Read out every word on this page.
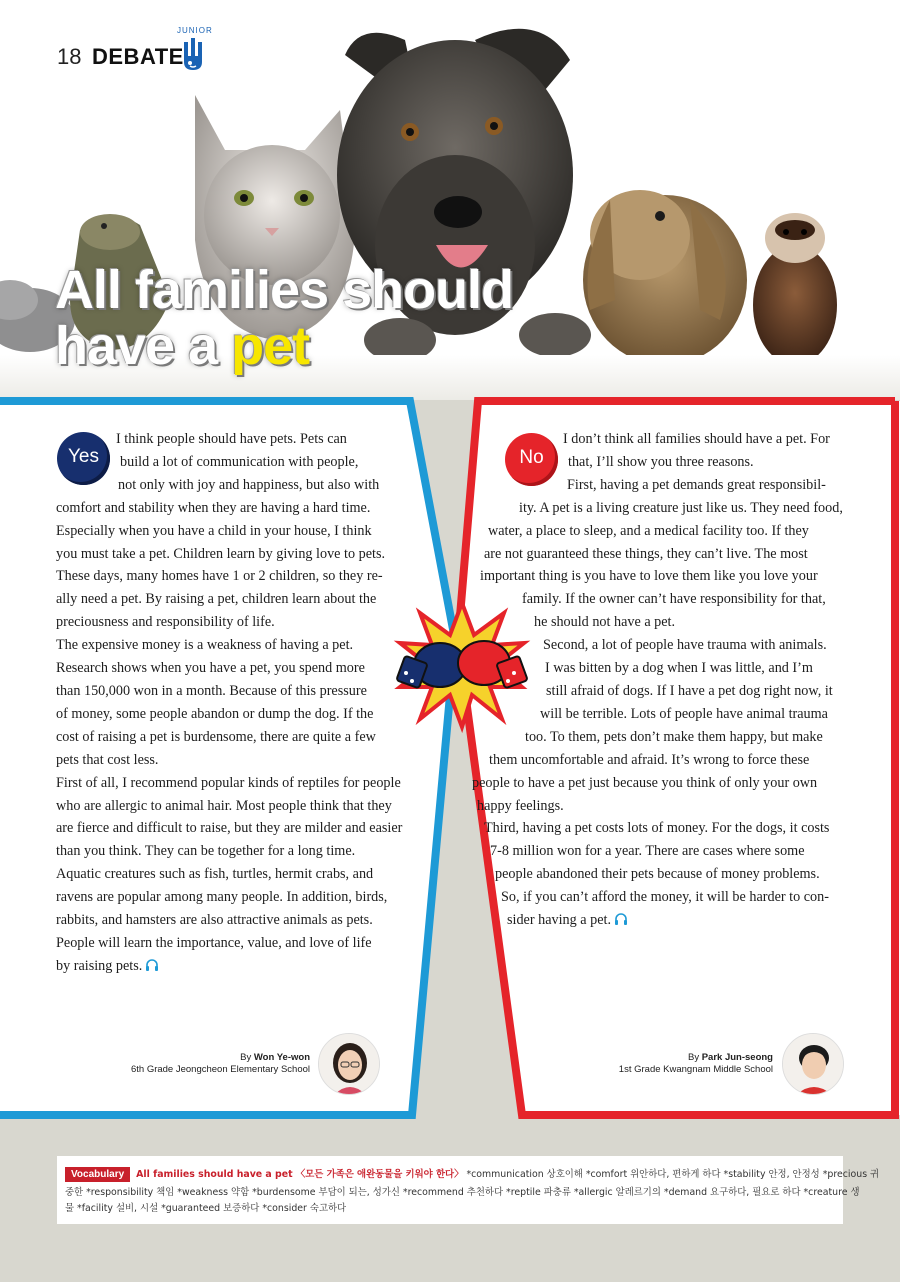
18 DEBATE
JUNIOR
All families should
have a pet
Yes	No

I think people should have pets. Pets can

build a lot of communication with people,

not only with joy and happiness, but also with

comfort and stability when they are having a hard time.

Especially when you have a child in your house, I think

you must take a pet. Children learn by giving love to pets.

These days, many homes have 1 or 2 children, so they re-

ally need a pet. By raising a pet, children learn about the

preciousness and responsibility of life.

The expensive money is a weakness of having a pet.

Research shows when you have a pet, you spend more

than 150,000 won in a month. Because of this pressure

of money, some people abandon or dump the dog. If the

cost of raising a pet is burdensome, there are quite a few

pets that cost less.

First of all, I recommend popular kinds of reptiles for people

who are allergic to animal hair. Most people think that they

are fierce and difficult to raise, but they are milder and easier

than you think. They can be together for a long time.

Aquatic creatures such as fish, turtles, hermit crabs, and

ravens are popular among many people. In addition, birds,

rabbits, and hamsters are also attractive animals as pets.

People will learn the importance, value, and love of life

by raising pets.

I don’t think all families should have a pet. For

that, I’ll show you three reasons.

First, having a pet demands great responsibil-

ity. A pet is a living creature just like us. They need food,

water, a place to sleep, and a medical facility too. If they

are not guaranteed these things, they can’t live. The most

important thing is you have to love them like you love your

family. If the owner can’t have responsibility for that,

he should not have a pet.

Second, a lot of people have trauma with animals.

I was bitten by a dog when I was little, and I’m

still afraid of dogs. If I have a pet dog right now, it

will be terrible. Lots of people have animal trauma

too. To them, pets don’t make them happy, but make

them uncomfortable and afraid. It’s wrong to force these

people to have a pet just because you think of only your own

happy feelings.

Third, having a pet costs lots of money. For the dogs, it costs

7-8 million won for a year. There are cases where some

people abandoned their pets because of money problems.

So, if you can’t afford the money, it will be harder to con-

sider having a pet.

By Won Ye-won
6th Grade Jeongcheon Elementary School
By Park Jun-seong
1st Grade Kwangnam Middle School
Vocabulary All families should have a pet 〈모든 가족은 애완동물을 키워야 한다〉 *communication 상호이해 *comfort 위안하다, 편하게 하다 *stability 안정, 안정성 *precious 귀
중한 *responsibility 책임 *weakness 약함 *burdensome 부담이 되는, 성가신 *recommend 추천하다 *reptile 파충류 *allergic 알레르기의 *demand 요구하다, 필요로 하다 *creature 생
물 *facility 설비, 시설 *guaranteed 보증하다 *consider 숙고하다
